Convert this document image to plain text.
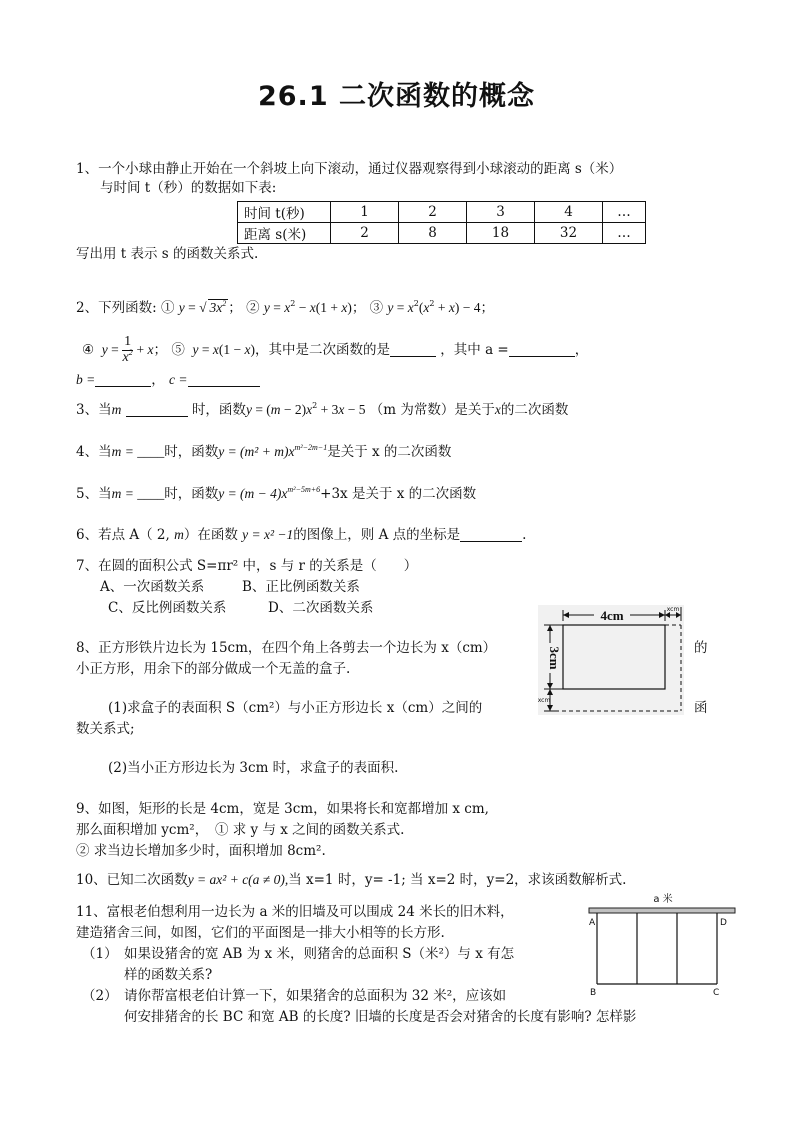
26.1 二次函数的概念
1、一个小球由静止开始在一个斜坡上向下滚动，通过仪器观察得到小球滚动的距离 s（米）
与时间 t（秒）的数据如下表:
时间 t(秒)	1	2	3	4	…
距离 s(米)	2	8	18	32	…
写出用 t 表示 s 的函数关系式.
2、下列函数: ① y = √ $3x^2$ ； ② $y = x^2 - x(1 + x)$； ③ $y = x^2(x^2 + x) - 4$；
④  $y = \frac{1}{x^2} + x$； ⑤  y = x(1 − x)，其中是二次函数的是	，其中 a =	，
b =	， c =
3、当m	时，函数$y = (m - 2)x^2 + 3x - 5$ （m 为常数）是关于x的二次函数
4、当m = ____时，函数$y = (m^2 + m)x^{m^2-2m-1}$是关于 x 的二次函数
5、当m = ____时，函数$y = (m - 4)x^{m^2-5m+6}+3x$ 是关于 x 的二次函数
6、若点 A（ 2, m）在函数 y = x² −1的图像上，则 A 点的坐标是	.
7、在圆的面积公式 S=πr² 中，s 与 r 的关系是（　　）
A、一次函数关系	B、正比例函数关系
C、反比例函数关系	D、二次函数关系
8、正方形铁片边长为 15cm，在四个角上各剪去一个边长为 x（cm）	的
小正方形，用余下的部分做成一个无盖的盒子.
(1)求盒子的表面积 S（cm²）与小正方形边长 x（cm）之间的	函
数关系式;
(2)当小正方形边长为 3cm 时，求盒子的表面积.
4cm	xcm
3cm
xcm
9、如图，矩形的长是 4cm，宽是 3cm，如果将长和宽都增加 x cm,
那么面积增加 ycm²，　① 求 y 与 x 之间的函数关系式.
② 求当边长增加多少时，面积增加 8cm².
10、已知二次函数y = ax² + c(a ≠ 0),当 x=1 时，y= -1; 当 x=2 时，y=2，求该函数解析式.
11、富根老伯想利用一边长为 a 米的旧墙及可以围成 24 米长的旧木料，
建造猪舍三间，如图，它们的平面图是一排大小相等的长方形.
（1） 如果设猪舍的宽 AB 为 x 米，则猪舍的总面积 S（米²）与 x 有怎
样的函数关系?
（2） 请你帮富根老伯计算一下，如果猪舍的总面积为 32 米²，应该如
何安排猪舍的长 BC 和宽 AB 的长度? 旧墙的长度是否会对猪舍的长度有影响? 怎样影
a 米
A	D
B	C
